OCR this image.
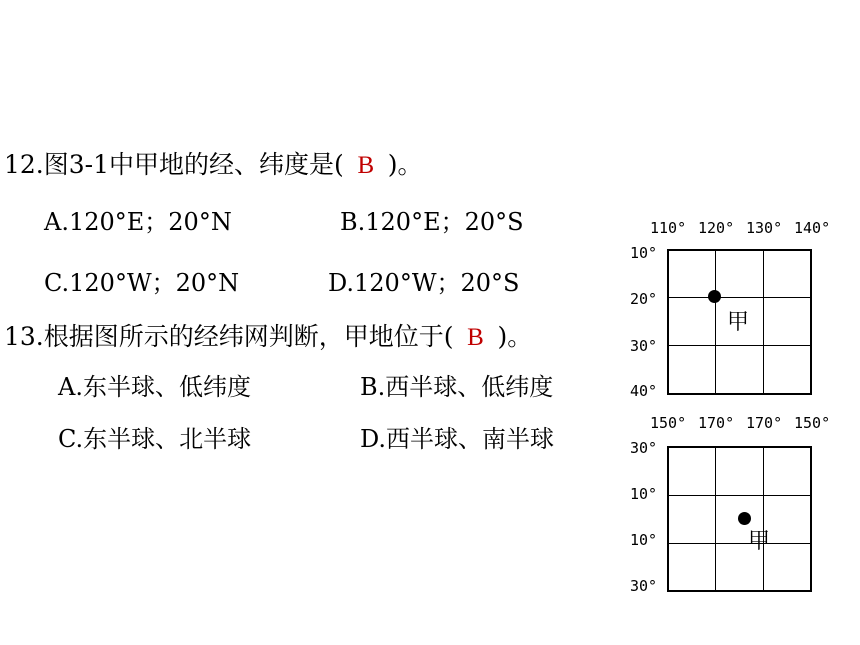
12.图3-1中甲地的经、纬度是( B )。
A.120°E；20°N	B.120°E；20°S
C.120°W；20°N	D.120°W；20°S
13.根据图所示的经纬网判断，甲地位于( B )。
A.东半球、低纬度	B.西半球、低纬度
C.东半球、北半球	D.西半球、南半球
110° 120° 130° 140°
10°
20°
30°
40°
甲
150° 170° 170° 150°
30°
10°
10°
30°
甲
